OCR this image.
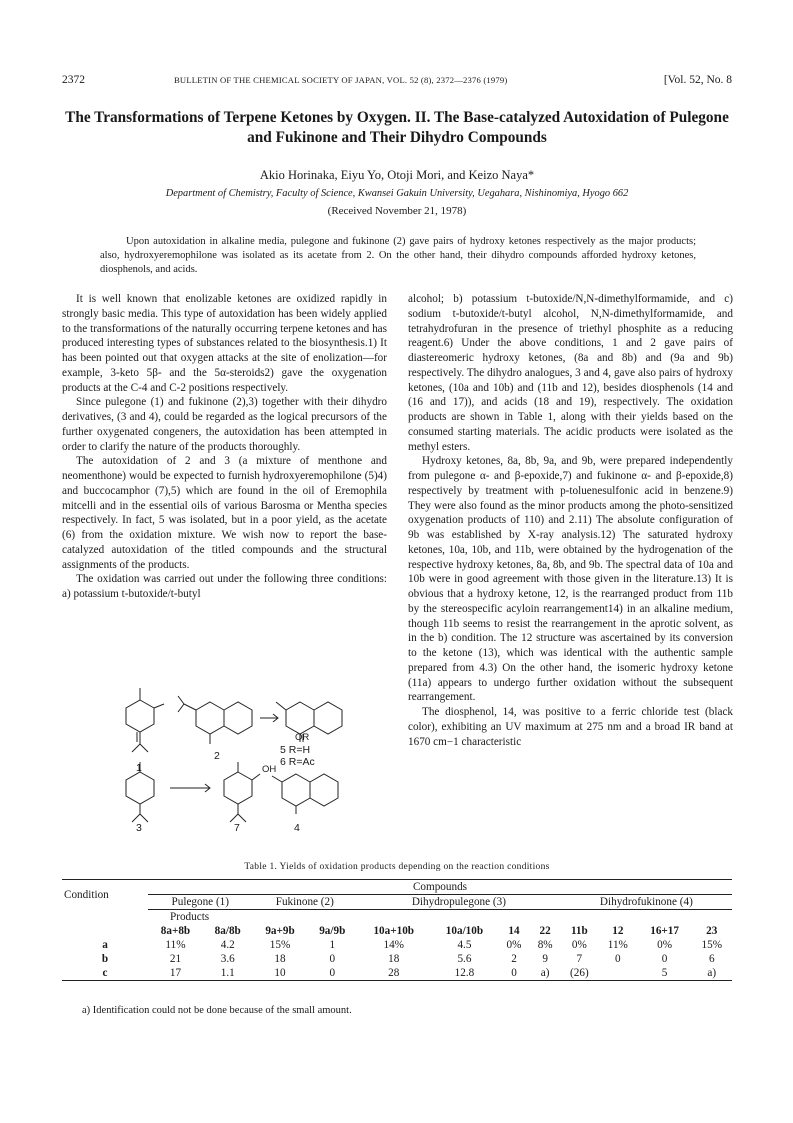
2372	BULLETIN OF THE CHEMICAL SOCIETY OF JAPAN, VOL. 52 (8), 2372—2376 (1979)	[Vol. 52, No. 8
The Transformations of Terpene Ketones by Oxygen. II. The Base-catalyzed Autoxidation of Pulegone and Fukinone and Their Dihydro Compounds
Akio Horinaka, Eiyu Yo, Otoji Mori, and Keizo Naya*
Department of Chemistry, Faculty of Science, Kwansei Gakuin University, Uegahara, Nishinomiya, Hyogo 662
(Received November 21, 1978)

Upon autoxidation in alkaline media, pulegone and fukinone (2) gave pairs of hydroxy ketones respectively as the major products; also, hydroxyeremophilone was isolated as its acetate from 2. On the other hand, their dihydro compounds afforded hydroxy ketones, diosphenols, and acids.

It is well known that enolizable ketones are oxidized rapidly in strongly basic media. This type of autoxidation has been widely applied to the transformations of the naturally occurring terpene ketones and has produced interesting types of substances related to the biosynthesis.1) It has been pointed out that oxygen attacks at the site of enolization—for example, 3-keto 5β- and the 5α-steroids2) gave the oxygenation products at the C-4 and C-2 positions respectively.

Since pulegone (1) and fukinone (2),3) together with their dihydro derivatives, (3 and 4), could be regarded as the logical precursors of the further oxygenated congeners, the autoxidation has been attempted in order to clarify the nature of the products thoroughly.

The autoxidation of 2 and 3 (a mixture of menthone and neomenthone) would be expected to furnish hydroxyeremophilone (5)4) and buccocamphor (7),5) which are found in the oil of Eremophila mitcelli and in the essential oils of various Barosma or Mentha species respectively. In fact, 5 was isolated, but in a poor yield, as the acetate (6) from the oxidation mixture. We wish now to report the base-catalyzed autoxidation of the titled compounds and the structural assignments of the products.

The oxidation was carried out under the following three conditions: a) potassium t-butoxide/t-butyl

1
2
OR
5 R=H
6 R=Ac
OH
3	7	4

alcohol; b) potassium t-butoxide/N,N-dimethylformamide, and c) sodium t-butoxide/t-butyl alcohol, N,N-dimethylformamide, and tetrahydrofuran in the presence of triethyl phosphite as a reducing reagent.6) Under the above conditions, 1 and 2 gave pairs of diastereomeric hydroxy ketones, (8a and 8b) and (9a and 9b) respectively. The dihydro analogues, 3 and 4, gave also pairs of hydroxy ketones, (10a and 10b) and (11b and 12), besides diosphenols (14 and (16 and 17)), and acids (18 and 19), respectively. The oxidation products are shown in Table 1, along with their yields based on the consumed starting materials. The acidic products were isolated as the methyl esters.

Hydroxy ketones, 8a, 8b, 9a, and 9b, were prepared independently from pulegone α- and β-epoxide,7) and fukinone α- and β-epoxide,8) respectively by treatment with p-toluenesulfonic acid in benzene.9) They were also found as the minor products among the photo-sensitized oxygenation products of 110) and 2.11) The absolute configuration of 9b was established by X-ray analysis.12) The saturated hydroxy ketones, 10a, 10b, and 11b, were obtained by the hydrogenation of the respective hydroxy ketones, 8a, 8b, and 9b. The spectral data of 10a and 10b were in good agreement with those given in the literature.13) It is obvious that a hydroxy ketone, 12, is the rearranged product from 11b by the stereospecific acyloin rearrangement14) in an alkaline medium, though 11b seems to resist the rearrangement in the aprotic solvent, as in the b) condition. The 12 structure was ascertained by its conversion to the ketone (13), which was identical with the authentic sample prepared from 4.3) On the other hand, the isomeric hydroxy ketone (11a) appears to undergo further oxidation without the subsequent rearrangement.

The diosphenol, 14, was positive to a ferric chloride test (black color), exhibiting an UV maximum at 275 nm and a broad IR band at 1670 cm−1 characteristic

Table 1. Yields of oxidation products depending on the reaction conditions
Condition	Compounds											
	Pulegone (1)		Fukinone (2)		Dihydropulegone (3)				Dihydrofukinone (4)			
	Products											
	8a+8b	8a/8b	9a+9b	9a/9b	10a+10b	10a/10b	14	22	11b	12	16+17	23
a	11%	4.2	15%	1	14%	4.5	0%	8%	0%	11%	0%	15%
b	21	3.6	18	0	18	5.6	2	9	7	0	0	6
c	17	1.1	10	0	28	12.8	0	a)	(26)		5	a)
a) Identification could not be done because of the small amount.
